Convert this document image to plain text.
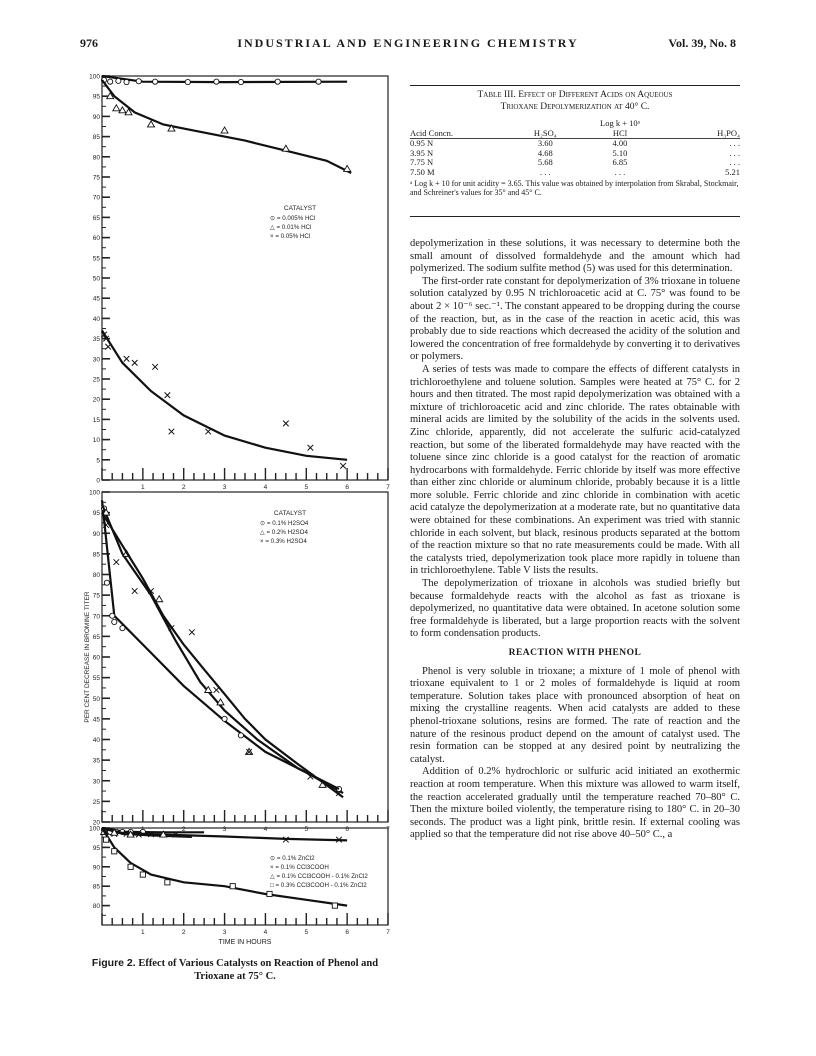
976	INDUSTRIAL AND ENGINEERING CHEMISTRY	Vol. 39, No. 8
100
95
90
85
80
75
70
65
60
55
50
45
40
35
30
25
20
15
10
5
0
1	2	3	4	5	6	7
CATALYST
⊙ = 0.005% HCl
△ = 0.01% HCl
× = 0.05% HCl
100
95
90
85
80
75
70
65
60
55
50
45
40
35
30
25
20
2	3	4	5	6	7
CATALYST
⊙ = 0.1% H2SO4
△ = 0.2% H2SO4
× = 0.3% H2SO4
PER CENT DECREASE IN BROMINE TITER
100
95
90
85
80
1	2	3	4	5	6	7
⊙ = 0.1% ZnCl2
× = 0.1% CCl3COOH
△ = 0.1% CCl3COOH - 0.1% ZnCl2
□ = 0.3% CCl3COOH - 0.1% ZnCl2
TIME IN HOURS
Figure 2. Effect of Various Catalysts on Reaction of Phenol and Trioxane at 75° C.
Table III. Effect of Different Acids on Aqueous
Trioxane Depolymerization at 40° C.
	Log k + 10ᵃ		
Acid Concn.	H₂SO₄	HCl	H₃PO₄
0.95 N	3.60	4.00	. . .
3.95 N	4.68	5.10	. . .
7.75 N	5.68	6.85	. . .
7.50 M	. . .	. . .	5.21
ᵃ Log k + 10 for unit acidity = 3.65. This value was obtained by interpolation from Skrabal, Stockmair, and Schreiner's values for 35° and 45° C.

depolymerization in these solutions, it was necessary to determine both the small amount of dissolved formaldehyde and the amount which had polymerized. The sodium sulfite method (5) was used for this determination.

The first-order rate constant for depolymerization of 3% trioxane in toluene solution catalyzed by 0.95 N trichloroacetic acid at C. 75° was found to be about 2 × 10⁻⁶ sec.⁻¹. The constant appeared to be dropping during the course of the reaction, but, as in the case of the reaction in acetic acid, this was probably due to side reactions which decreased the acidity of the solution and lowered the concentration of free formaldehyde by converting it to derivatives or polymers.

A series of tests was made to compare the effects of different catalysts in trichloroethylene and toluene solution. Samples were heated at 75° C. for 2 hours and then titrated. The most rapid depolymerization was obtained with a mixture of trichloroacetic acid and zinc chloride. The rates obtainable with mineral acids are limited by the solubility of the acids in the solvents used. Zinc chloride, apparently, did not accelerate the sulfuric acid-catalyzed reaction, but some of the liberated formaldehyde may have reacted with the toluene since zinc chloride is a good catalyst for the reaction of aromatic hydrocarbons with formaldehyde. Ferric chloride by itself was more effective than either zinc chloride or aluminum chloride, probably because it is a little more soluble. Ferric chloride and zinc chloride in combination with acetic acid catalyze the depolymerization at a moderate rate, but no quantitative data were obtained for these combinations. An experiment was tried with stannic chloride in each solvent, but black, resinous products separated at the bottom of the reaction mixture so that no rate measurements could be made. With all the catalysts tried, depolymerization took place more rapidly in toluene than in trichloroethylene. Table V lists the results.

The depolymerization of trioxane in alcohols was studied briefly but because formaldehyde reacts with the alcohol as fast as trioxane is depolymerized, no quantitative data were obtained. In acetone solution some free formaldehyde is liberated, but a large proportion reacts with the solvent to form condensation products.

REACTION WITH PHENOL

Phenol is very soluble in trioxane; a mixture of 1 mole of phenol with trioxane equivalent to 1 or 2 moles of formaldehyde is liquid at room temperature. Solution takes place with pronounced absorption of heat on mixing the crystalline reagents. When acid catalysts are added to these phenol-trioxane solutions, resins are formed. The rate of reaction and the nature of the resinous product depend on the amount of catalyst used. The resin formation can be stopped at any desired point by neutralizing the catalyst.

Addition of 0.2% hydrochloric or sulfuric acid initiated an exothermic reaction at room temperature. When this mixture was allowed to warm itself, the reaction accelerated gradually until the temperature reached 70–80° C. Then the mixture boiled violently, the temperature rising to 180° C. in 20–30 seconds. The product was a light pink, brittle resin. If external cooling was applied so that the temperature did not rise above 40–50° C., a
